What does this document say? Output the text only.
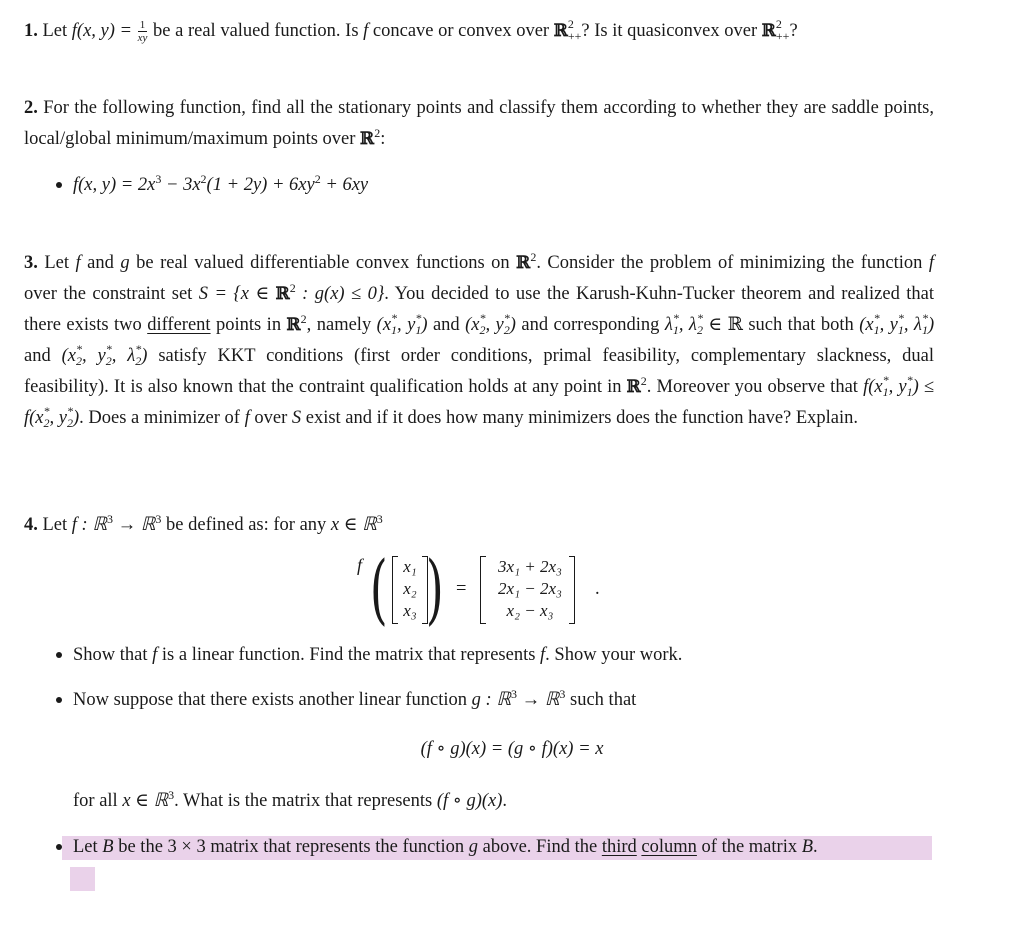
1. Let f(x, $y) = \frac{1}{xy}$ be a real valued function. Is f concave or convex over ℝ 2
++ ? Is it quasiconvex over ℝ 2
++ ?

2. For the following function, find all the stationary points and classify them according to whether they are saddle points, local/global minimum/maximum points over ℝ$^2$:

f(x, $y) = 2x^3 - 3x^2(1 + 2y) + 6xy^2 + 6xy$

3. Let f and g be real valued differentiable convex functions on ℝ$^2$. Consider the problem of minimizing the function f over the constraint set S = {x ∈ ℝ$^2$ : g(x) ≤ 0}. You decided to use the Karush-Kuhn-Tucker theorem and realized that there exists two different points in ℝ$^2$, namely (x *
1 , y *
1 ) and (x *
2 , y *
2 ) and corresponding λ *
1 , λ *
2 ∈ ℝ such that both (x *
1 , y *
1 , λ *
1 ) and (x *
2 , y *
2 , λ *
2 ) satisfy KKT conditions (first order conditions, primal feasibility, complementary slackness, dual feasibility). It is also known that the contraint qualification holds at any point in ℝ$^2$. Moreover you observe that f(x *
1 , y *
1 ) ≤ f(x *
2 , y *
2 ). Does a minimizer of f over S exist and if it does how many minimizers does the function have? Explain.

4. Let f : ℝ$^3$ → ℝ$^3$ be defined as: for any x ∈ ℝ$^3$

f ( x₁
x₂
x₃ ) =
3x₁ + 2x₃
2x₁ − 2x₃
x₂ − x₃
.

Show that f is a linear function. Find the matrix that represents f. Show your work.

Now suppose that there exists another linear function g : ℝ$^3$ → ℝ$^3$ such that

(f ∘ g)(x) = (g ∘ f)(x) = x

for all x ∈ ℝ$^3$. What is the matrix that represents (f ∘ g)(x).

Let B be the 3 × 3 matrix that represents the function g above. Find the third column of the matrix B.
